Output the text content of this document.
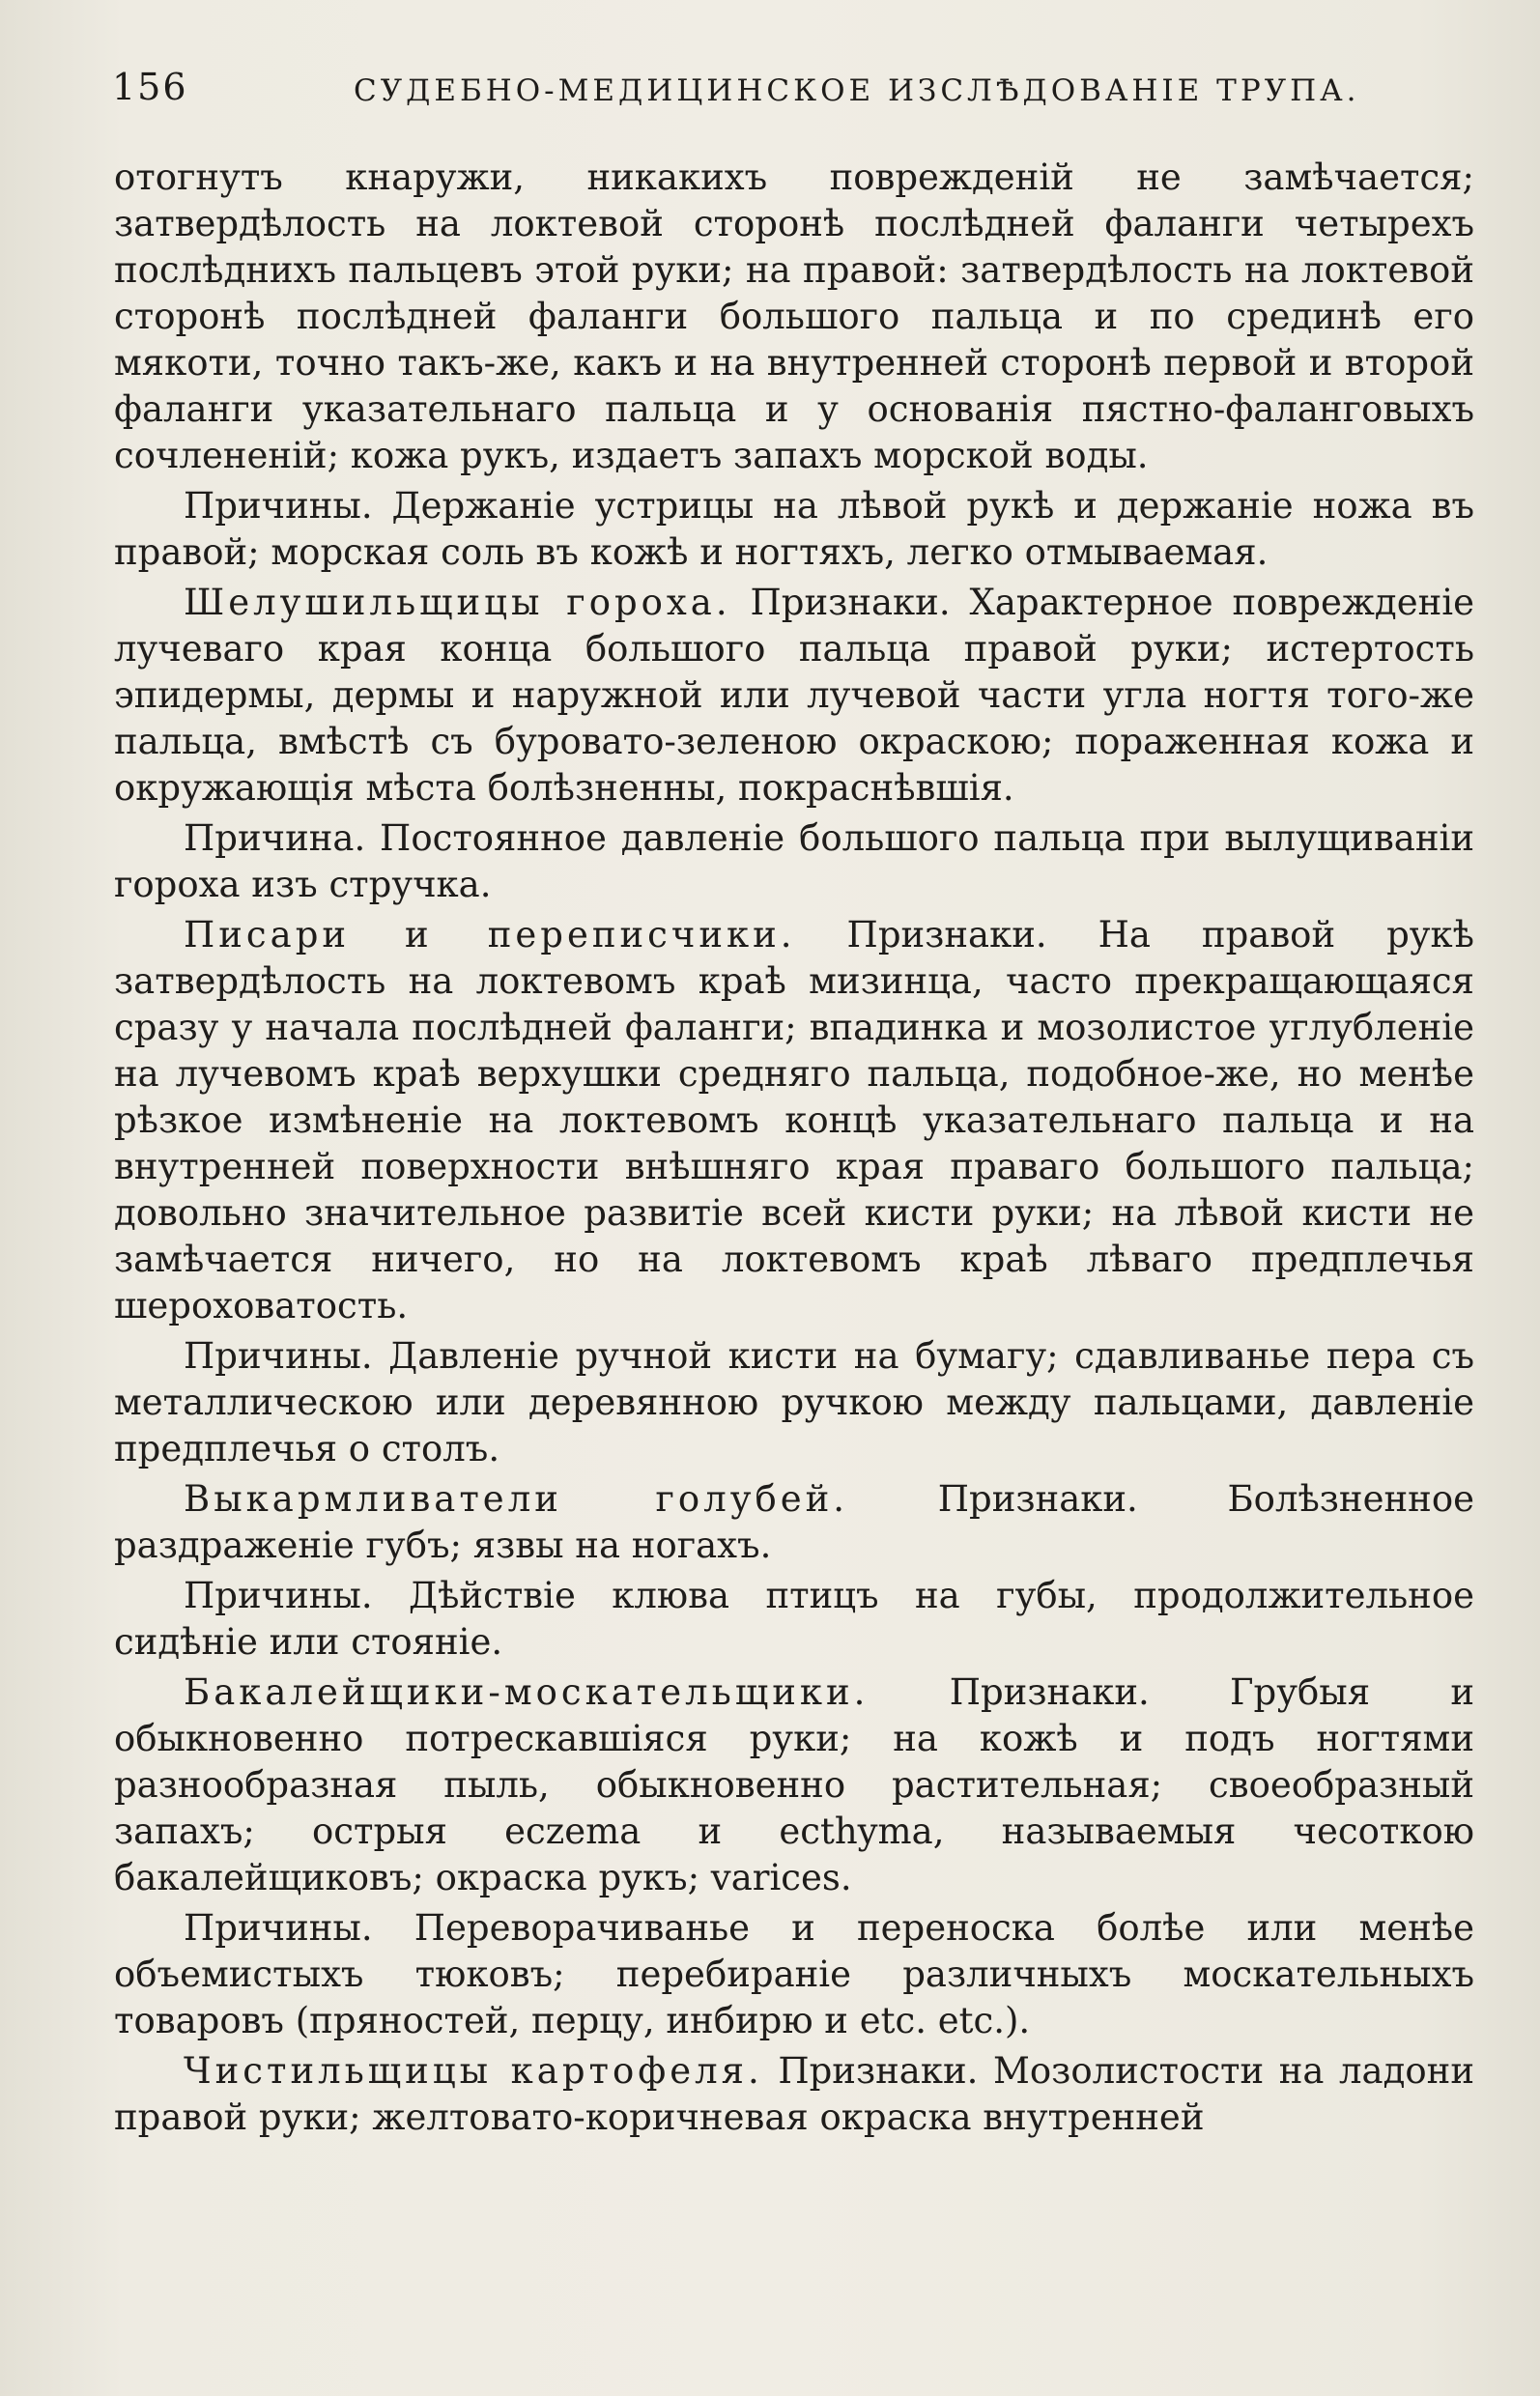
156	СУДЕБНО-МЕДИЦИНСКОЕ ИЗСЛѢДОВАНІЕ ТРУПА.

отогнутъ кнаружи, никакихъ поврежденій не замѣчается; затвердѣлость на локтевой сторонѣ послѣдней фаланги четырехъ послѣднихъ пальцевъ этой руки; на правой: затвердѣлость на локтевой сторонѣ послѣдней фаланги большого пальца и по срединѣ его мякоти, точно такъ-же, какъ и на внутренней сторонѣ первой и второй фаланги указательнаго пальца и у основанія пястно-фаланговыхъ сочлененій; кожа рукъ, издаетъ запахъ морской воды.

Причины. Держаніе устрицы на лѣвой рукѣ и держаніе ножа въ правой; морская соль въ кожѣ и ногтяхъ, легко отмываемая.

Шелушильщицы гороха. Признаки. Характерное поврежденіе лучеваго края конца большого пальца правой руки; истертость эпидермы, дермы и наружной или лучевой части угла ногтя того-же пальца, вмѣстѣ съ буровато-зеленою окраскою; пораженная кожа и окружающія мѣста болѣзненны, покраснѣвшія.

Причина. Постоянное давленіе большого пальца при вылущиваніи гороха изъ стручка.

Писари и переписчики. Признаки. На правой рукѣ затвердѣлость на локтевомъ краѣ мизинца, часто прекращающаяся сразу у начала послѣдней фаланги; впадинка и мозолистое углубленіе на лучевомъ краѣ верхушки средняго пальца, подобное-же, но менѣе рѣзкое измѣненіе на локтевомъ концѣ указательнаго пальца и на внутренней поверхности внѣшняго края праваго большого пальца; довольно значительное развитіе всей кисти руки; на лѣвой кисти не замѣчается ничего, но на локтевомъ краѣ лѣваго предплечья шероховатость.

Причины. Давленіе ручной кисти на бумагу; сдавливанье пера съ металлическою или деревянною ручкою между пальцами, давленіе предплечья о столъ.

Выкармливатели голубей. Признаки. Болѣзненное раздраженіе губъ; язвы на ногахъ.

Причины. Дѣйствіе клюва птицъ на губы, продолжительное сидѣніе или стояніе.

Бакалейщики-москательщики. Признаки. Грубыя и обыкновенно потрескавшіяся руки; на кожѣ и подъ ногтями разнообразная пыль, обыкновенно растительная; своеобразный запахъ; острыя eczema и ecthyma, называемыя чесоткою бакалейщиковъ; окраска рукъ; varices.

Причины. Переворачиванье и переноска болѣе или менѣе объемистыхъ тюковъ; перебираніе различныхъ москательныхъ товаровъ (пряностей, перцу, инбирю и etc. etc.).

Чистильщицы картофеля. Признаки. Мозолистости на ладони правой руки; желтовато-коричневая окраска внутренней
